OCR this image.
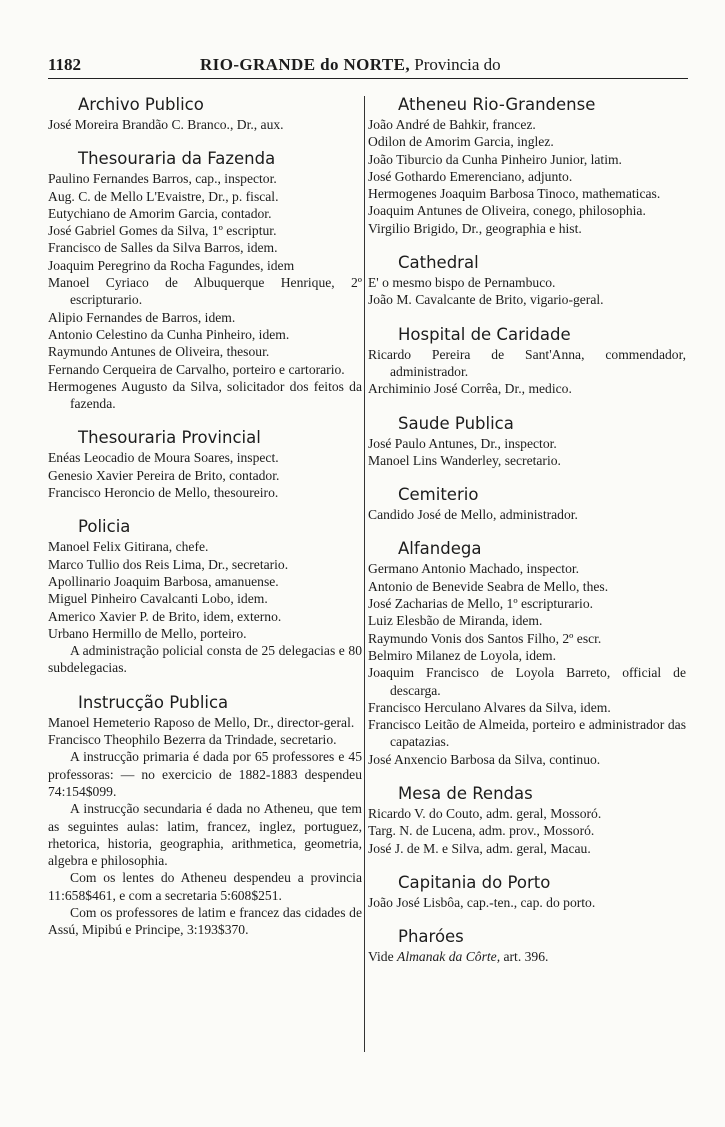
1182	RIO-GRANDE do NORTE, Provincia do
Archivo Publico

José Moreira Brandão C. Branco., Dr., aux.

Thesouraria da Fazenda

Paulino Fernandes Barros, cap., inspector.

Aug. C. de Mello L'Evaistre, Dr., p. fiscal.

Eutychiano de Amorim Garcia, contador.

José Gabriel Gomes da Silva, 1º escriptur.

Francisco de Salles da Silva Barros, idem.

Joaquim Peregrino da Rocha Fagundes, idem

Manoel Cyriaco de Albuquerque Henrique, 2º escripturario.

Alipio Fernandes de Barros, idem.

Antonio Celestino da Cunha Pinheiro, idem.

Raymundo Antunes de Oliveira, thesour.

Fernando Cerqueira de Carvalho, porteiro e cartorario.

Hermogenes Augusto da Silva, solicitador dos feitos da fazenda.

Thesouraria Provincial

Enéas Leocadio de Moura Soares, inspect.

Genesio Xavier Pereira de Brito, contador.

Francisco Heroncio de Mello, thesoureiro.

Policia

Manoel Felix Gitirana, chefe.

Marco Tullio dos Reis Lima, Dr., secretario.

Apollinario Joaquim Barbosa, amanuense.

Miguel Pinheiro Cavalcanti Lobo, idem.

Americo Xavier P. de Brito, idem, externo.

Urbano Hermillo de Mello, porteiro.

A administração policial consta de 25 delegacias e 80 subdelegacias.

Instrucção Publica

Manoel Hemeterio Raposo de Mello, Dr., director-geral.

Francisco Theophilo Bezerra da Trindade, secretario.

A instrucção primaria é dada por 65 professores e 45 professoras: — no exercicio de 1882-1883 despendeu 74:154$099.

A instrucção secundaria é dada no Atheneu, que tem as seguintes aulas: latim, francez, inglez, portuguez, rhetorica, historia, geographia, arithmetica, geometria, algebra e philosophia.

Com os lentes do Atheneu despendeu a provincia 11:658$461, e com a secretaria 5:608$251.

Com os professores de latim e francez das cidades de Assú, Mipibú e Principe, 3:193$370.

Atheneu Rio-Grandense

João André de Bahkir, francez.

Odilon de Amorim Garcia, inglez.

João Tiburcio da Cunha Pinheiro Junior, latim.

José Gothardo Emerenciano, adjunto.

Hermogenes Joaquim Barbosa Tinoco, mathematicas.

Joaquim Antunes de Oliveira, conego, philosophia.

Virgilio Brigido, Dr., geographia e hist.

Cathedral

E' o mesmo bispo de Pernambuco.

João M. Cavalcante de Brito, vigario-geral.

Hospital de Caridade

Ricardo Pereira de Sant'Anna, commendador, administrador.

Archiminio José Corrêa, Dr., medico.

Saude Publica

José Paulo Antunes, Dr., inspector.

Manoel Lins Wanderley, secretario.

Cemiterio

Candido José de Mello, administrador.

Alfandega

Germano Antonio Machado, inspector.

Antonio de Benevide Seabra de Mello, thes.

José Zacharias de Mello, 1º escripturario.

Luiz Elesbão de Miranda, idem.

Raymundo Vonis dos Santos Filho, 2º escr.

Belmiro Milanez de Loyola, idem.

Joaquim Francisco de Loyola Barreto, official de descarga.

Francisco Herculano Alvares da Silva, idem.

Francisco Leitão de Almeida, porteiro e administrador das capatazias.

José Anxencio Barbosa da Silva, continuo.

Mesa de Rendas

Ricardo V. do Couto, adm. geral, Mossoró.

Targ. N. de Lucena, adm. prov., Mossoró.

José J. de M. e Silva, adm. geral, Macau.

Capitania do Porto

João José Lisbôa, cap.-ten., cap. do porto.

Pharóes

Vide Almanak da Côrte, art. 396.
